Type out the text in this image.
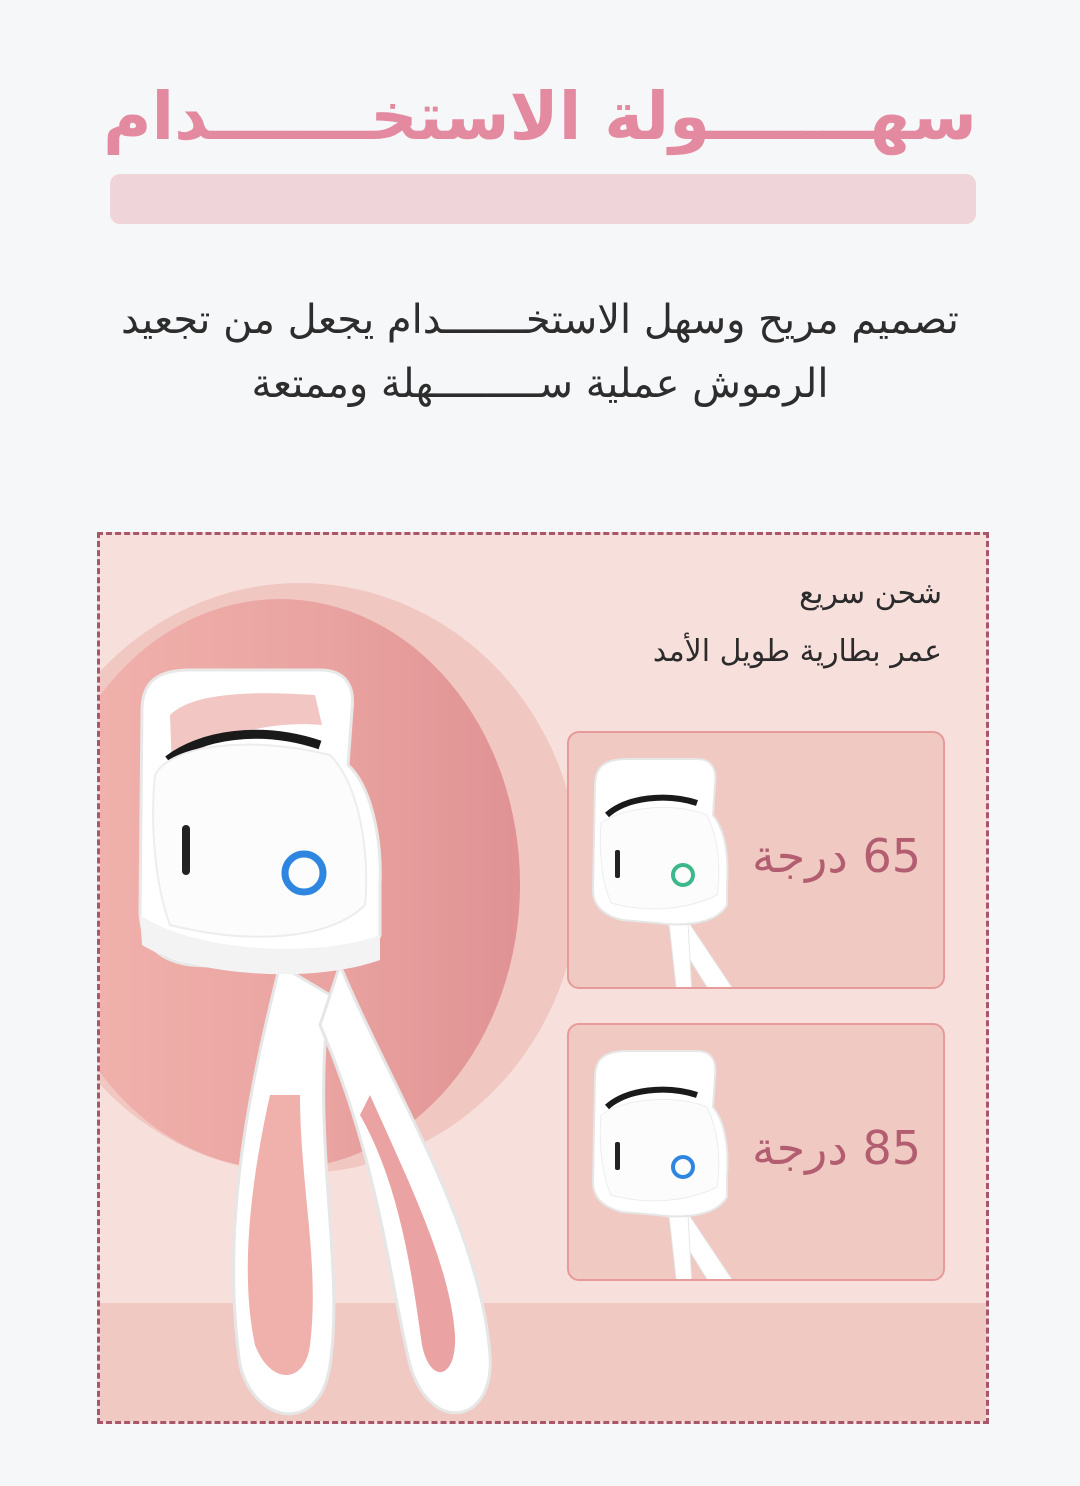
سهـــــــولة الاستخـــــــدام
تصميم مريح وسهل الاستخـــــــدام يجعل من تجعيد
الرموش عملية ســـــــــهلة وممتعة
شحن سريع
عمر بطارية طويل الأمد
65 درجة
85 درجة
